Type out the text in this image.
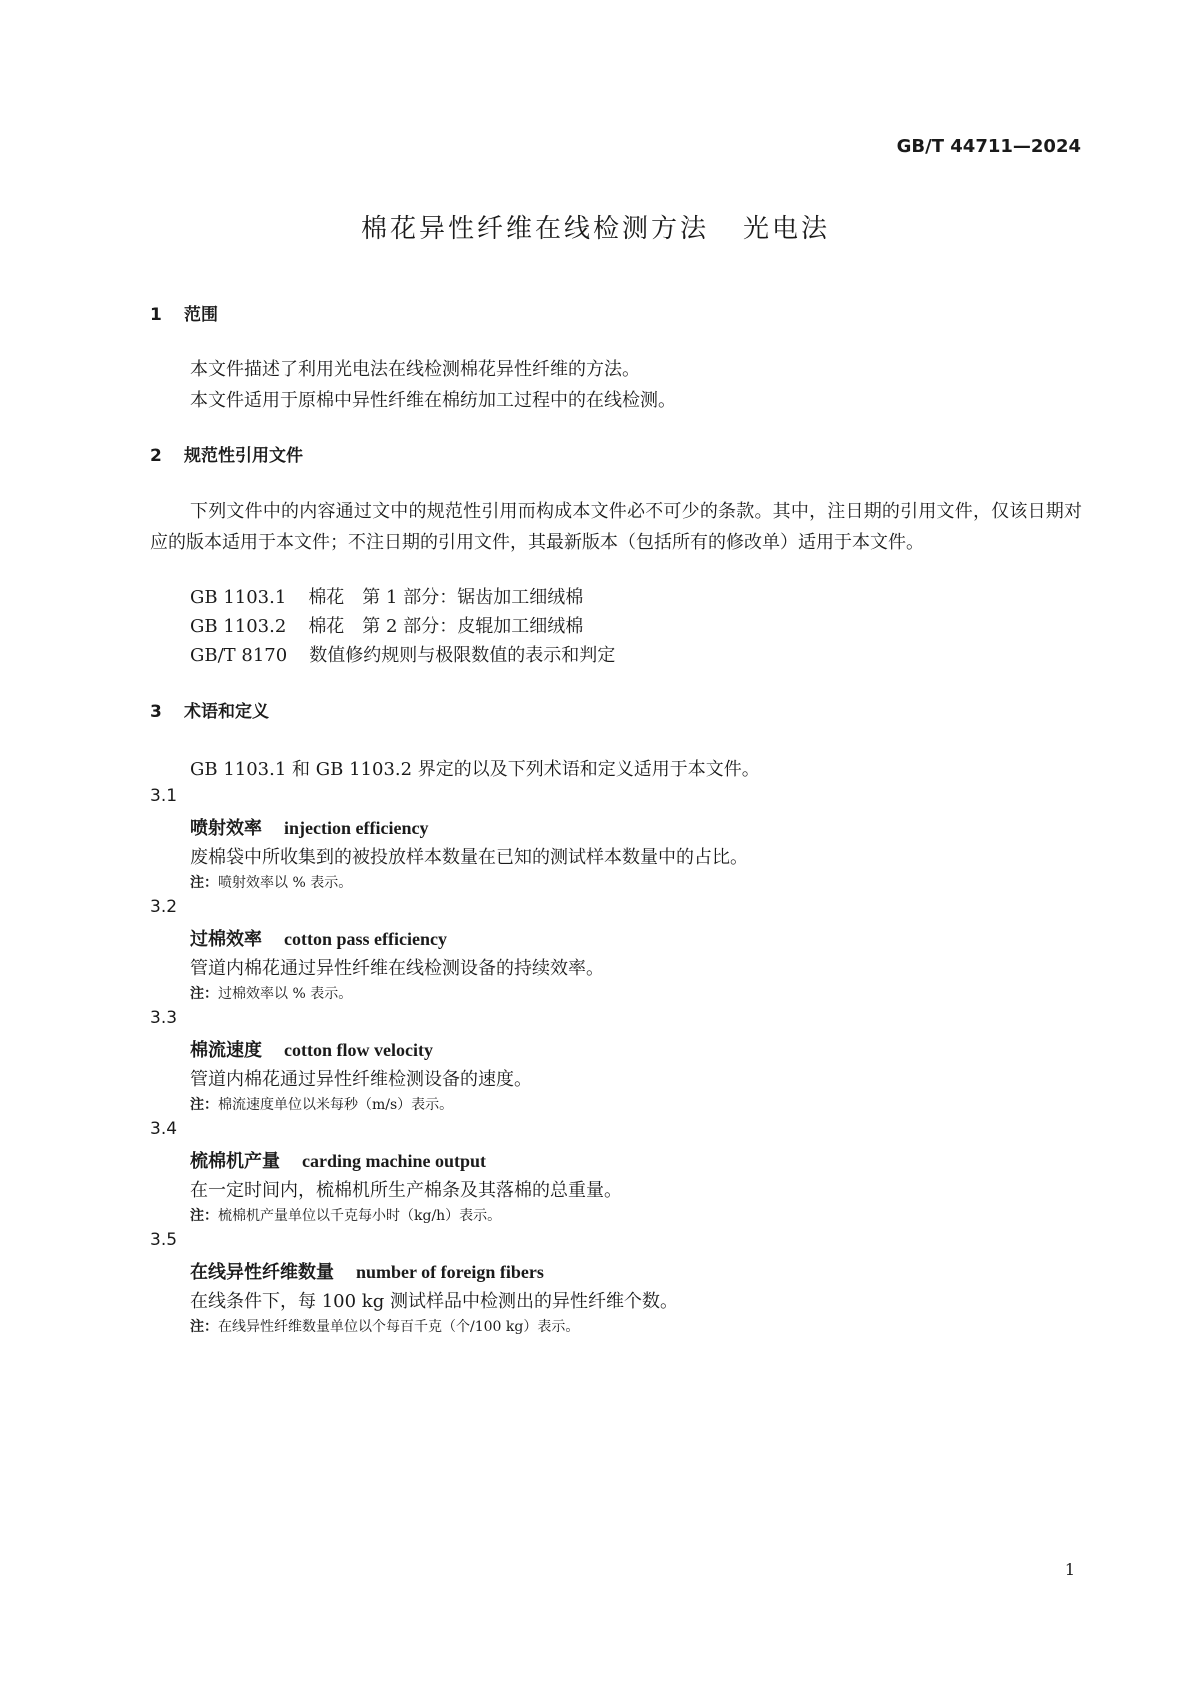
GB/T 44711—2024
棉花异性纤维在线检测方法 光电法
1 范围
本文件描述了利用光电法在线检测棉花异性纤维的方法。
本文件适用于原棉中异性纤维在棉纺加工过程中的在线检测。
2 规范性引用文件
下列文件中的内容通过文中的规范性引用而构成本文件必不可少的条款。其中，注日期的引用文件，仅该日期对应的版本适用于本文件；不注日期的引用文件，其最新版本（包括所有的修改单）适用于本文件。
GB 1103.1 棉花　第 1 部分：锯齿加工细绒棉
GB 1103.2 棉花　第 2 部分：皮辊加工细绒棉
GB/T 8170 数值修约规则与极限数值的表示和判定
3 术语和定义
GB 1103.1 和 GB 1103.2 界定的以及下列术语和定义适用于本文件。
3.1
喷射效率 injection efficiency
废棉袋中所收集到的被投放样本数量在已知的测试样本数量中的占比。
注：喷射效率以 % 表示。
3.2
过棉效率 cotton pass efficiency
管道内棉花通过异性纤维在线检测设备的持续效率。
注：过棉效率以 % 表示。
3.3
棉流速度 cotton flow velocity
管道内棉花通过异性纤维检测设备的速度。
注：棉流速度单位以米每秒（m/s）表示。
3.4
梳棉机产量 carding machine output
在一定时间内，梳棉机所生产棉条及其落棉的总重量。
注：梳棉机产量单位以千克每小时（kg/h）表示。
3.5
在线异性纤维数量 number of foreign fibers
在线条件下，每 100 kg 测试样品中检测出的异性纤维个数。
注：在线异性纤维数量单位以个每百千克（个/100 kg）表示。
1
